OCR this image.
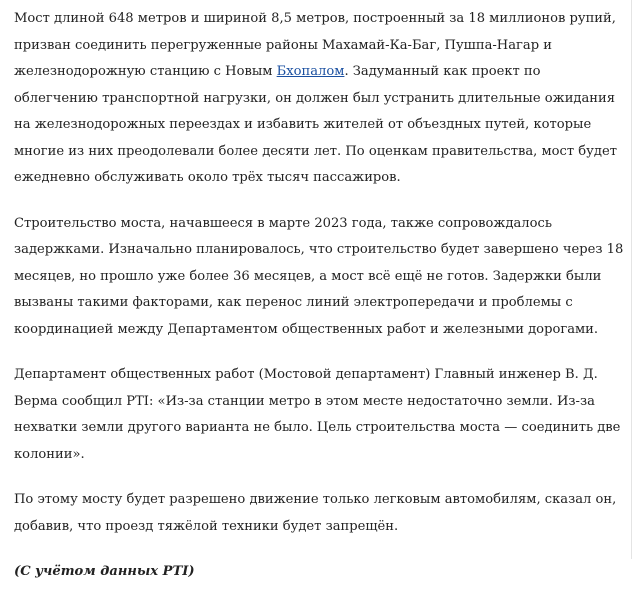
Мост длиной 648 метров и шириной 8,5 метров, построенный за 18 миллионов рупий, призван соединить перегруженные районы Махамай-Ка-Баг, Пушпа-Нагар и железнодорожную станцию с Новым Бхопалом. Задуманный как проект по облегчению транспортной нагрузки, он должен был устранить длительные ожидания на железнодорожных переездах и избавить жителей от объездных путей, которые многие из них преодолевали более десяти лет. По оценкам правительства, мост будет ежедневно обслуживать около трёх тысяч пассажиров.

Строительство моста, начавшееся в марте 2023 года, также сопровождалось задержками. Изначально планировалось, что строительство будет завершено через 18 месяцев, но прошло уже более 36 месяцев, а мост всё ещё не готов. Задержки были вызваны такими факторами, как перенос линий электропередачи и проблемы с координацией между Департаментом общественных работ и железными дорогами.

Департамент общественных работ (Мостовой департамент) Главный инженер В. Д. Верма сообщил PTI: «Из-за станции метро в этом месте недостаточно земли. Из-за нехватки земли другого варианта не было. Цель строительства моста — соединить две колонии».

По этому мосту будет разрешено движение только легковым автомобилям, сказал он, добавив, что проезд тяжёлой техники будет запрещён.

(С учётом данных PTI)
